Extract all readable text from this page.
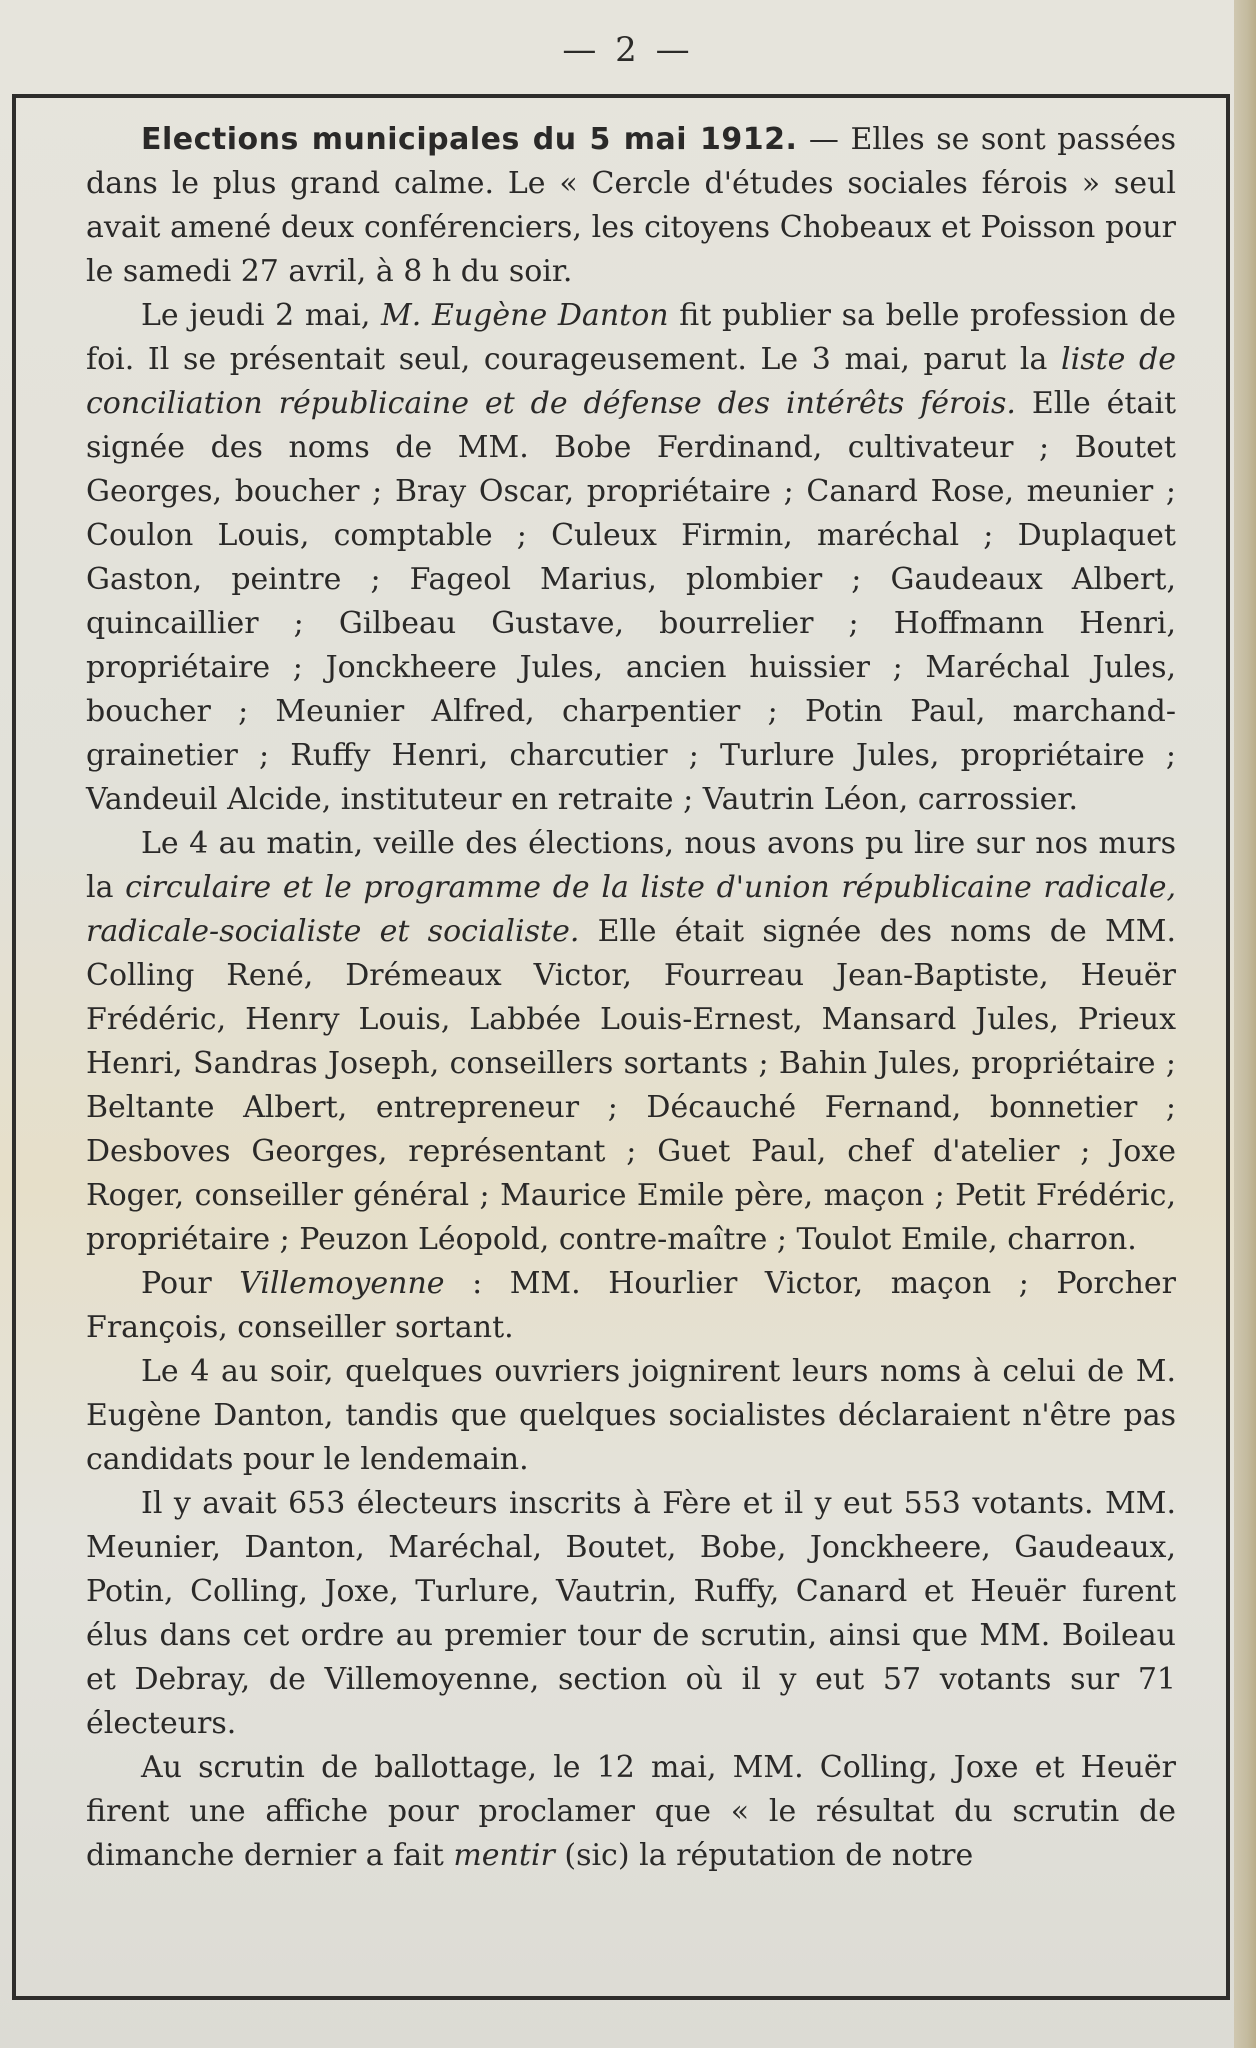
— 2 —

Elections municipales du 5 mai 1912. — Elles se sont passées dans le plus grand calme. Le « Cercle d'études sociales férois » seul avait amené deux conférenciers, les citoyens Chobeaux et Poisson pour le samedi 27 avril, à 8 h du soir.

Le jeudi 2 mai, M. Eugène Danton fit publier sa belle profession de foi. Il se présentait seul, courageusement. Le 3 mai, parut la liste de conciliation républicaine et de défense des intérêts férois. Elle était signée des noms de MM. Bobe Ferdinand, cultivateur ; Boutet Georges, boucher ; Bray Oscar, propriétaire ; Canard Rose, meunier ; Coulon Louis, comptable ; Culeux Firmin, maréchal ; Duplaquet Gaston, peintre ; Fageol Marius, plombier ; Gaudeaux Albert, quincaillier ; Gilbeau Gustave, bourrelier ; Hoffmann Henri, propriétaire ; Jonckheere Jules, ancien huissier ; Maréchal Jules, boucher ; Meunier Alfred, charpentier ; Potin Paul, marchand-grainetier ; Ruffy Henri, charcutier ; Turlure Jules, propriétaire ; Vandeuil Alcide, instituteur en retraite ; Vautrin Léon, carrossier.

Le 4 au matin, veille des élections, nous avons pu lire sur nos murs la circulaire et le programme de la liste d'union républicaine radicale, radicale-socialiste et socialiste. Elle était signée des noms de MM. Colling René, Drémeaux Victor, Fourreau Jean-Baptiste, Heuër Frédéric, Henry Louis, Labbée Louis-Ernest, Mansard Jules, Prieux Henri, Sandras Joseph, conseillers sortants ; Bahin Jules, propriétaire ; Beltante Albert, entrepreneur ; Décauché Fernand, bonnetier ; Desboves Georges, représentant ; Guet Paul, chef d'atelier ; Joxe Roger, conseiller général ; Maurice Emile père, maçon ; Petit Frédéric, propriétaire ; Peuzon Léopold, contre-maître ; Toulot Emile, charron.

Pour Villemoyenne : MM. Hourlier Victor, maçon ; Porcher François, conseiller sortant.

Le 4 au soir, quelques ouvriers joignirent leurs noms à celui de M. Eugène Danton, tandis que quelques socialistes déclaraient n'être pas candidats pour le lendemain.

Il y avait 653 électeurs inscrits à Fère et il y eut 553 votants. MM. Meunier, Danton, Maréchal, Boutet, Bobe, Jonckheere, Gaudeaux, Potin, Colling, Joxe, Turlure, Vautrin, Ruffy, Canard et Heuër furent élus dans cet ordre au premier tour de scrutin, ainsi que MM. Boileau et Debray, de Villemoyenne, section où il y eut 57 votants sur 71 électeurs.

Au scrutin de ballottage, le 12 mai, MM. Colling, Joxe et Heuër firent une affiche pour proclamer que « le résultat du scrutin de dimanche dernier a fait mentir (sic) la réputation de notre
